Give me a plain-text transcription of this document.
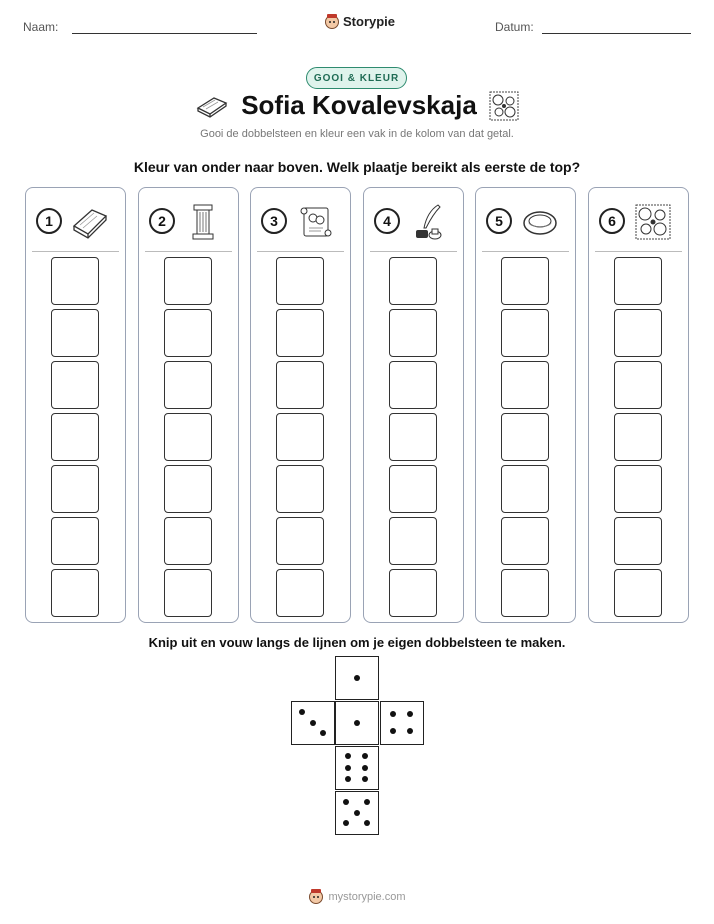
Naam:	Storypie	Datum:
GOOI & KLEUR
Sofia Kovalevskaja
Gooi de dobbelsteen en kleur een vak in de kolom van dat getal.
Kleur van onder naar boven. Welk plaatje bereikt als eerste de top?
1	2	3	4	5	6
Knip uit en vouw langs de lijnen om je eigen dobbelsteen te maken.
mystorypie.com
